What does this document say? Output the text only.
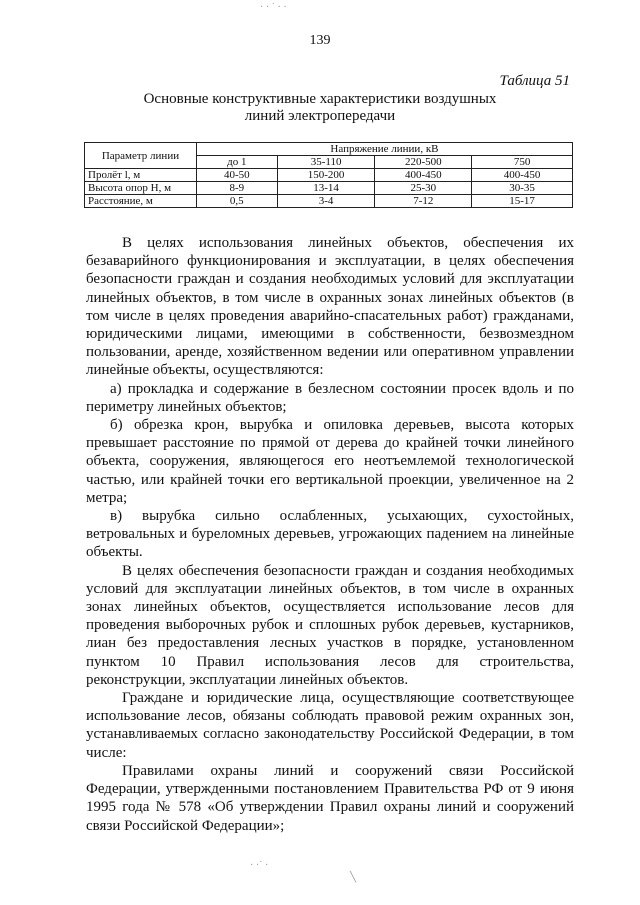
139
Таблица 51
Основные конструктивные характеристики воздушных
линий электропередачи
Параметр линии	Напряжение линии, кВ			
	до 1	35-110	220-500	750
Пролёт l, м	40-50	150-200	400-450	400-450
Высота опор H, м	8-9	13-14	25-30	30-35
Расстояние, м	0,5	3-4	7-12	15-17

В целях использования линейных объектов, обеспечения их безаварийного функционирования и эксплуатации, в целях обеспечения безопасности граждан и создания необходимых условий для эксплуатации линейных объектов, в том числе в охранных зонах линейных объектов (в том числе в целях проведения аварийно-спасательных работ) гражданами, юридическими лицами, имеющими в собственности, безвозмездном пользовании, аренде, хозяйственном ведении или оперативном управлении линейные объекты, осуществляются:

а) прокладка и содержание в безлесном состоянии просек вдоль и по периметру линейных объектов;

б) обрезка крон, вырубка и опиловка деревьев, высота которых превышает расстояние по прямой от дерева до крайней точки линейного объекта, сооружения, являющегося его неотъемлемой технологической частью, или крайней точки его вертикальной проекции, увеличенное на 2 метра;

в) вырубка сильно ослабленных, усыхающих, сухостойных, ветровальных и буреломных деревьев, угрожающих падением на линейные объекты.

В целях обеспечения безопасности граждан и создания необходимых условий для эксплуатации линейных объектов, в том числе в охранных зонах линейных объектов, осуществляется использование лесов для проведения выборочных рубок и сплошных рубок деревьев, кустарников, лиан без предоставления лесных участков в порядке, установленном пунктом 10 Правил использования лесов для строительства, реконструкции, эксплуатации линейных объектов.

Граждане и юридические лица, осуществляющие соответствующее использование лесов, обязаны соблюдать правовой режим охранных зон, устанавливаемых согласно законодательству Российской Федерации, в том числе:

Правилами охраны линий и сооружений связи Российской Федерации, утвержденными постановлением Правительства РФ от 9 июня 1995 года № 578 «Об утверждении Правил охраны линий и сооружений связи Российской Федерации»;

· · ˙ · ·
· ·˙ ·
╲
